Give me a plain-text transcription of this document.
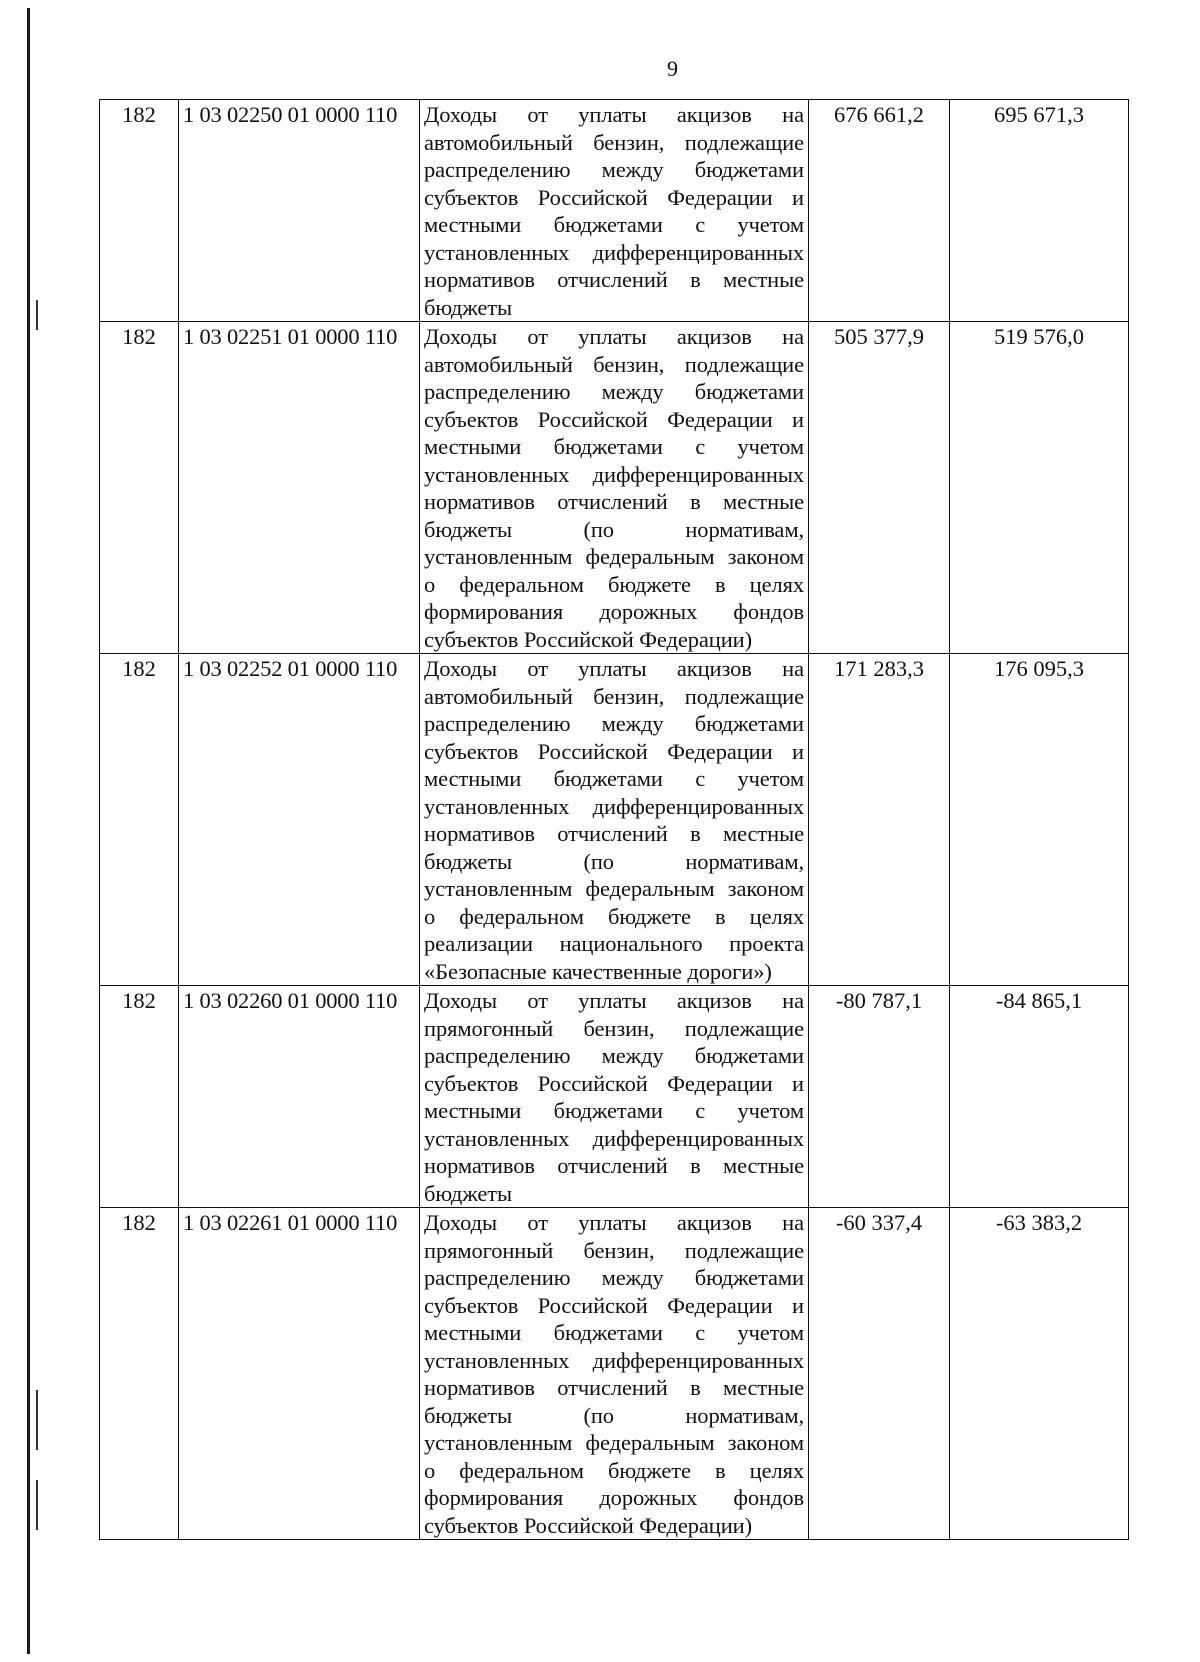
9
182	1 03 02250 01 0000 110	Доходы от уплаты акцизов на автомобильный бензин, подлежащие распределению между бюджетами субъектов Российской Федерации и местными бюджетами с учетом установленных дифференцированных нормативов отчислений в местные бюджеты	676 661,2	695 671,3
182	1 03 02251 01 0000 110	Доходы от уплаты акцизов на автомобильный бензин, подлежащие распределению между бюджетами субъектов Российской Федерации и местными бюджетами с учетом установленных дифференцированных нормативов отчислений в местные бюджеты (по нормативам, установленным федеральным законом о федеральном бюджете в целях формирования дорожных фондов субъектов Российской Федерации)	505 377,9	519 576,0
182	1 03 02252 01 0000 110	Доходы от уплаты акцизов на автомобильный бензин, подлежащие распределению между бюджетами субъектов Российской Федерации и местными бюджетами с учетом установленных дифференцированных нормативов отчислений в местные бюджеты (по нормативам, установленным федеральным законом о федеральном бюджете в целях реализации национального проекта «Безопасные качественные дороги»)	171 283,3	176 095,3
182	1 03 02260 01 0000 110	Доходы от уплаты акцизов на прямогонный бензин, подлежащие распределению между бюджетами субъектов Российской Федерации и местными бюджетами с учетом установленных дифференцированных нормативов отчислений в местные бюджеты	-80 787,1	-84 865,1
182	1 03 02261 01 0000 110	Доходы от уплаты акцизов на прямогонный бензин, подлежащие распределению между бюджетами субъектов Российской Федерации и местными бюджетами с учетом установленных дифференцированных нормативов отчислений в местные бюджеты (по нормативам, установленным федеральным законом о федеральном бюджете в целях формирования дорожных фондов субъектов Российской Федерации)	-60 337,4	-63 383,2
